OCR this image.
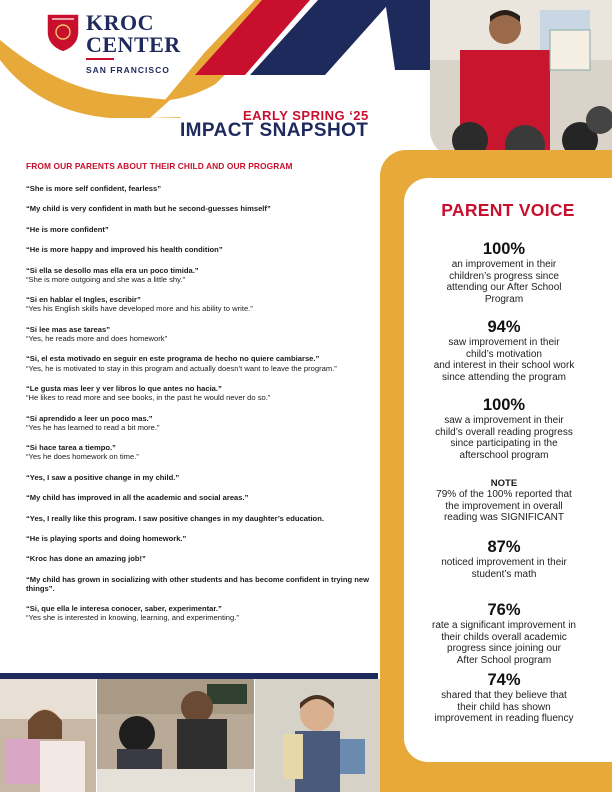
KROC
CENTER
SAN FRANCISCO
EARLY SPRING ‘25
IMPACT SNAPSHOT
FROM OUR PARENTS ABOUT THEIR CHILD AND OUR PROGRAM
“She is more self confident, fearless”
“My child is very confident in math but he second-guesses himself”
“He is more confident”
“He is more happy and improved his health condition”
“Si ella se desollo mas ella era un poco timida.”
“She is more outgoing and she was a little shy.”
“Si en hablar el Ingles, escribir”
“Yes his English skills have developed more and his ability to write.”
“Si lee mas ase tareas”
“Yes, he reads more and does homework”
“Si, el esta motivado en seguir en este programa de hecho no quiere cambiarse.”
“Yes, he is motivated to stay in this program and actually doesn’t want to leave the program.”
“Le gusta mas leer y ver libros lo que antes no hacia.”
“He likes to read more and see books, in the past he would never do so.”
“Si aprendido a leer un poco mas.”
“Yes he has learned to read a bit more.”
“Si hace tarea a tiempo.”
“Yes he does homework on time.”
“Yes, I saw a positive change in my child.”
“My child has improved in all the academic and social areas.”
“Yes, I really like this program. I saw positive changes in my daughter’s education.
“He is playing sports and doing homework.”
“Kroc has done an amazing job!”
“My child has grown in socializing with other students and has become confident in trying new things”.
“Si, que ella le interesa conocer, saber, experimentar.”
“Yes she is interested in knowing, learning, and experimenting.”
PARENT VOICE
100%
an improvement in their
children’s progress since
attending our After School
Program
94%
saw improvement in their
child’s motivation
and interest in their school work
since attending the program
100%
saw a improvement in their
child’s overall reading progress
since participating in the
afterschool program
NOTE
79% of the 100% reported that
the improvement in overall
reading was SIGNIFICANT
87%
noticed improvement in their
student’s math
76%
rate a significant improvement in
their childs overall academic
progress since joining our
After School program
74%
shared that they believe that
their child has shown
improvement in reading fluency
